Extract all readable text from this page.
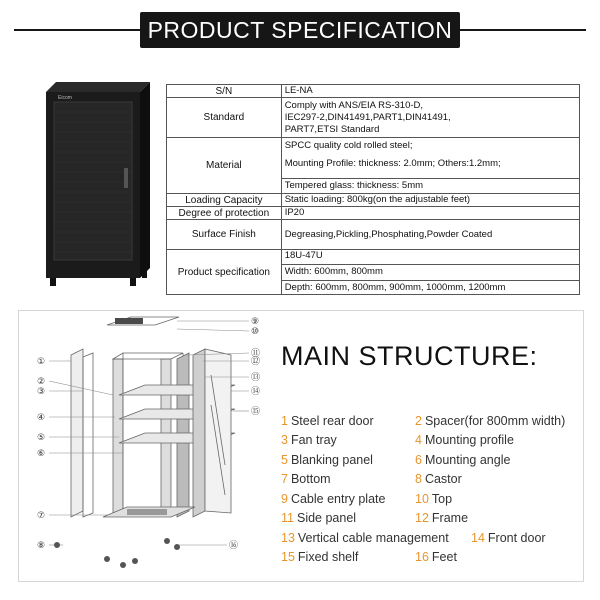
PRODUCT SPECIFICATION
Eicom
S/N	LE-NA

Standard	Comply with ANS/EIA RS-310-D,
IEC297-2,DIN41491,PART1,DIN41491,
PART7,ETSI Standard

Material	SPCC quality cold rolled steel;
Mounting Profile: thickness: 2.0mm; Others:1.2mm;
Tempered glass: thickness: 5mm

Loading Capacity	Static loading: 800kg(on the adjustable feet)

Degree of protection	IP20

Surface Finish	Degreasing,Pickling,Phosphating,Powder Coated

Product specification	18U-47U
Width: 600mm, 800mm
Depth: 600mm, 800mm, 900mm, 1000mm, 1200mm
①
②
③
④
⑤
⑥
⑦
⑧
⑨
⑩
⑪
⑫
⑬
⑭
⑮
⑯
MAIN STRUCTURE:
1 Steel rear door	2 Spacer(for 800mm width)
3 Fan tray	4 Mounting profile
5 Blanking panel	6 Mounting angle
7 Bottom	8 Castor
9 Cable entry plate	10 Top
11 Side panel	12 Frame
13 Vertical cable management	14 Front door
15 Fixed shelf	16 Feet
